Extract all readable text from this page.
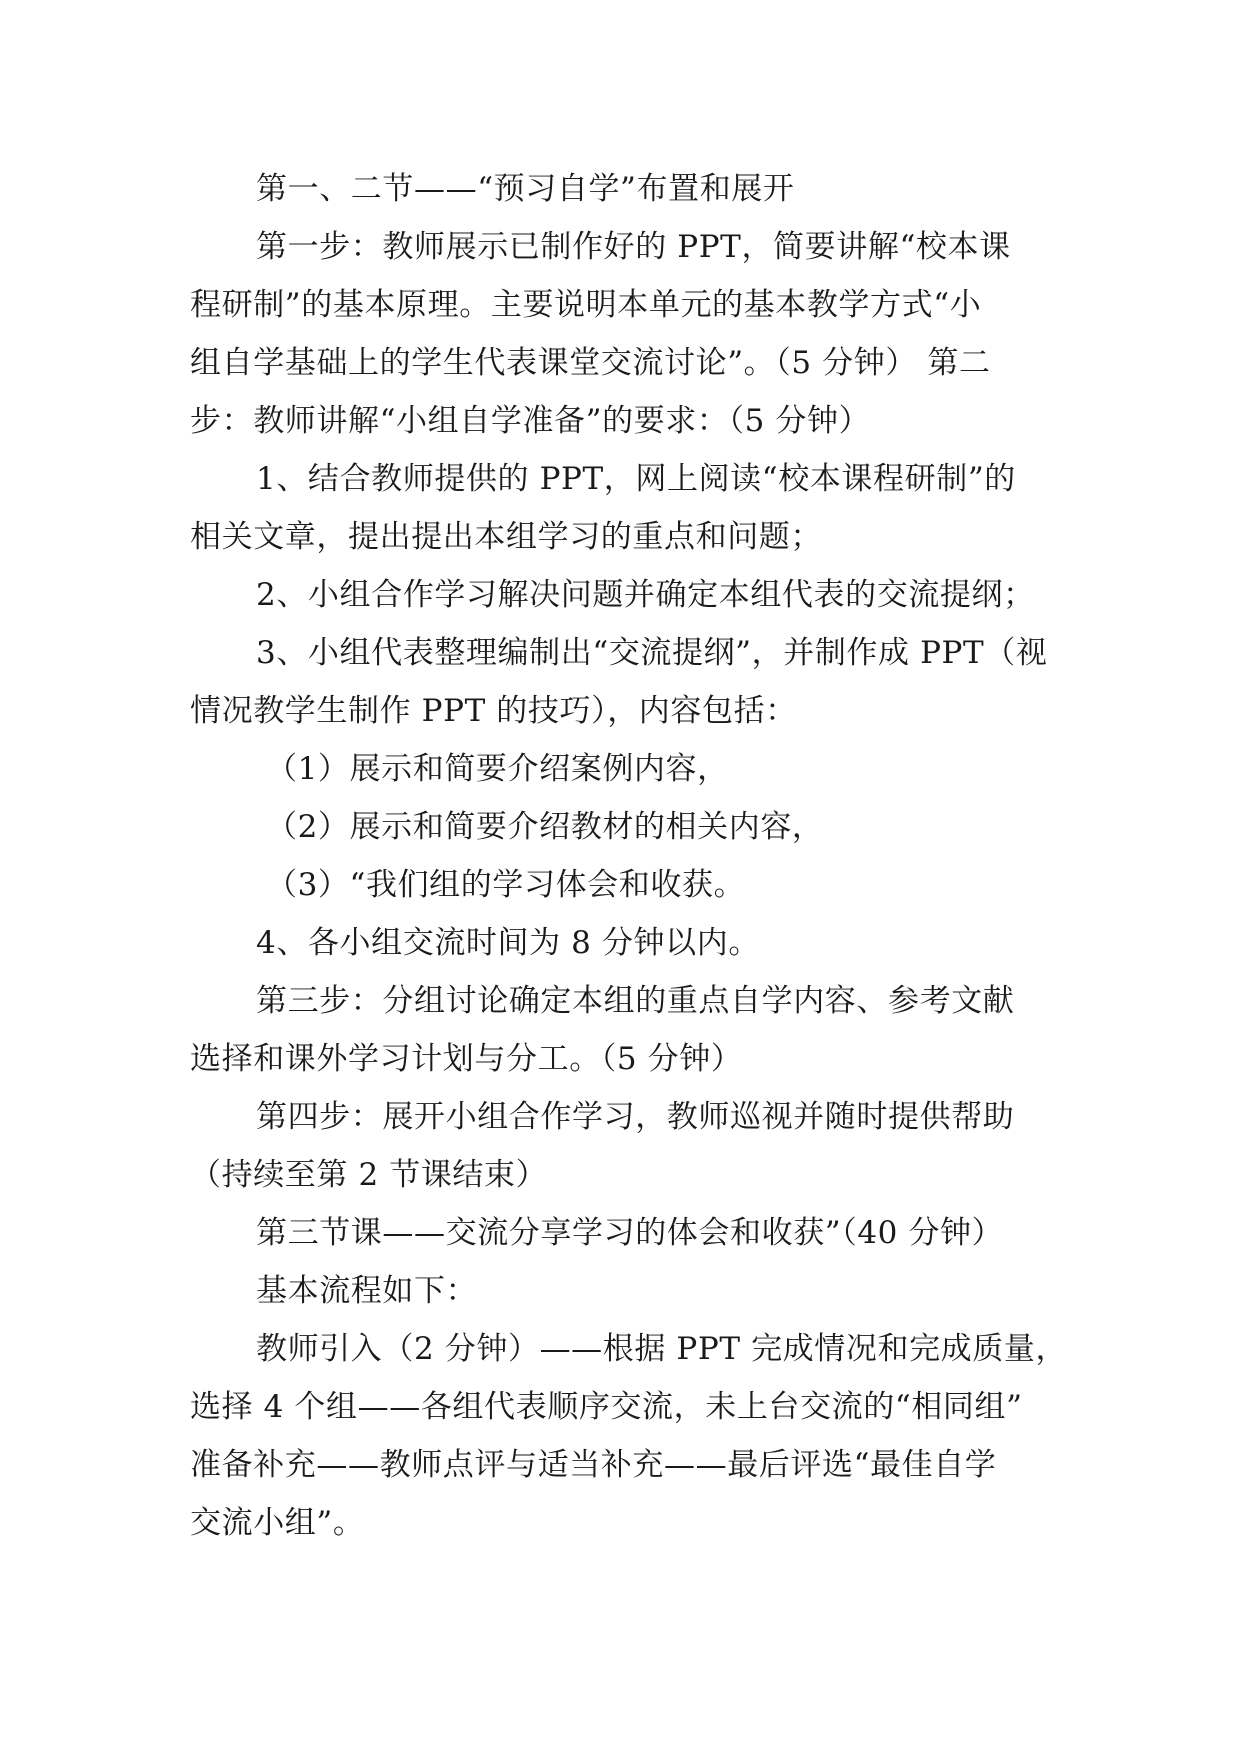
第一、二节——“预习自学”布置和展开
第一步：教师展示已制作好的 PPT，简要讲解“校本课
程研制”的基本原理。主要说明本单元的基本教学方式“小
组自学基础上的学生代表课堂交流讨论”。（5 分钟） 第二
步：教师讲解“小组自学准备”的要求：（5 分钟）
1、结合教师提供的 PPT，网上阅读“校本课程研制”的
相关文章，提出提出本组学习的重点和问题；
2、小组合作学习解决问题并确定本组代表的交流提纲；
3、小组代表整理编制出“交流提纲”，并制作成 PPT（视
情况教学生制作 PPT 的技巧），内容包括：
（1）展示和简要介绍案例内容，
（2）展示和简要介绍教材的相关内容，
（3）“我们组的学习体会和收获。
4、各小组交流时间为 8 分钟以内。
第三步：分组讨论确定本组的重点自学内容、参考文献
选择和课外学习计划与分工。（5 分钟）
第四步：展开小组合作学习，教师巡视并随时提供帮助
（持续至第 2 节课结束）
第三节课——交流分享学习的体会和收获”（40 分钟）
基本流程如下：
教师引入（2 分钟）——根据 PPT 完成情况和完成质量，
选择 4 个组——各组代表顺序交流，未上台交流的“相同组”
准备补充——教师点评与适当补充——最后评选“最佳自学
交流小组”。
